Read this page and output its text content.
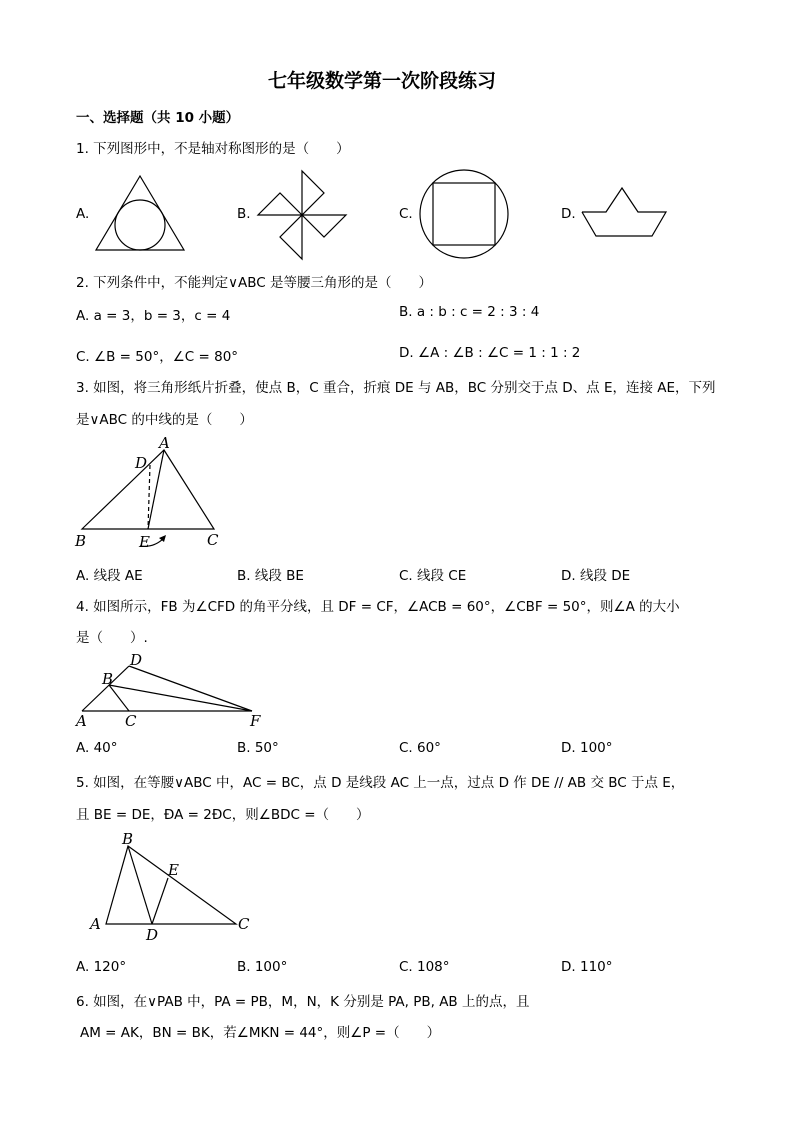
七年级数学第一次阶段练习
一、选择题（共 10 小题）
1. 下列图形中，不是轴对称图形的是（　　）
A.	B.	C.	D.
2. 下列条件中，不能判定∨ABC 是等腰三角形的是（　　）
A. a = 3，b = 3，c = 4	B. a : b : c = 2 : 3 : 4
C. ∠B = 50°，∠C = 80°	D. ∠A : ∠B : ∠C = 1 : 1 : 2
3. 如图，将三角形纸片折叠，使点 B，C 重合，折痕 DE 与 AB，BC 分别交于点 D、点 E，连接 AE，下列
是∨ABC 的中线的是（　　）
A
D
B	E	C
A. 线段 AE	B. 线段 BE	C. 线段 CE	D. 线段 DE
4. 如图所示，FB 为∠CFD 的角平分线，且 DF = CF，∠ACB = 60°，∠CBF = 50°，则∠A 的大小
是（　　）.
D
B
A	C	F
A. 40°	B. 50°	C. 60°	D. 100°
5. 如图，在等腰∨ABC 中，AC = BC，点 D 是线段 AC 上一点，过点 D 作 DE // AB 交 BC 于点 E，
且 BE = DE，ÐA = 2ÐC，则∠BDC =（　　）
B
E
A
D
C
A. 120°	B. 100°	C. 108°	D. 110°
6. 如图，在∨PAB 中，PA = PB，M，N，K 分别是 PA, PB, AB 上的点，且
AM = AK，BN = BK，若∠MKN = 44°，则∠P =（　　）
